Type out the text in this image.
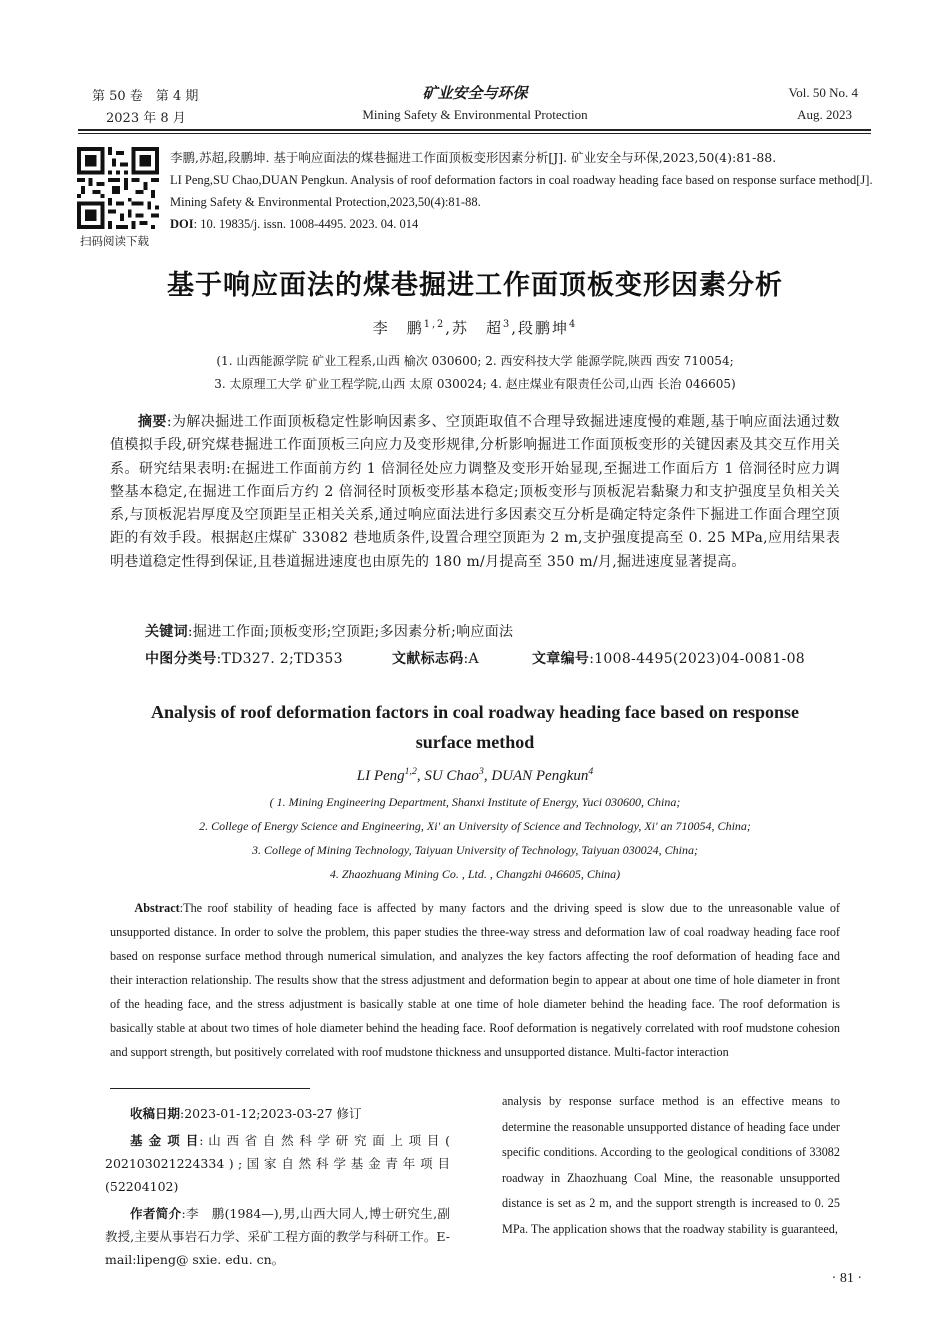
第 50 卷　第 4 期
2023 年 8 月
矿业安全与环保
Mining Safety & Environmental Protection
Vol. 50 No. 4
Aug. 2023
扫码阅读下载
李鹏,苏超,段鹏坤. 基于响应面法的煤巷掘进工作面顶板变形因素分析[J]. 矿业安全与环保,2023,50(4):81-88.
LI Peng,SU Chao,DUAN Pengkun. Analysis of roof deformation factors in coal roadway heading face based on response surface method[J]. Mining Safety & Environmental Protection,2023,50(4):81-88.
DOI: 10. 19835/j. issn. 1008-4495. 2023. 04. 014
基于响应面法的煤巷掘进工作面顶板变形因素分析
李　鹏$^{1,2}$,苏　超$^3$,段鹏坤$^4$
(1. 山西能源学院 矿业工程系,山西 榆次 030600; 2. 西安科技大学 能源学院,陕西 西安 710054;
3. 太原理工大学 矿业工程学院,山西 太原 030024; 4. 赵庄煤业有限责任公司,山西 长治 046605)
摘要:为解决掘进工作面顶板稳定性影响因素多、空顶距取值不合理导致掘进速度慢的难题,基于响应面法通过数值模拟手段,研究煤巷掘进工作面顶板三向应力及变形规律,分析影响掘进工作面顶板变形的关键因素及其交互作用关系。研究结果表明:在掘进工作面前方约 1 倍洞径处应力调整及变形开始显现,至掘进工作面后方 1 倍洞径时应力调整基本稳定,在掘进工作面后方约 2 倍洞径时顶板变形基本稳定;顶板变形与顶板泥岩黏聚力和支护强度呈负相关关系,与顶板泥岩厚度及空顶距呈正相关关系,通过响应面法进行多因素交互分析是确定特定条件下掘进工作面合理空顶距的有效手段。根据赵庄煤矿 33082 巷地质条件,设置合理空顶距为 2 m,支护强度提高至 0. 25 MPa,应用结果表明巷道稳定性得到保证,且巷道掘进速度也由原先的 180 m/月提高至 350 m/月,掘进速度显著提高。
关键词:掘进工作面;顶板变形;空顶距;多因素分析;响应面法
中图分类号:TD327. 2;TD353	文献标志码:A	文章编号:1008-4495(2023)04-0081-08
Analysis of roof deformation factors in coal roadway heading face based on response surface method
LI Peng$^{1,2}$, SU Chao$^3$, DUAN Pengkun$^4$
( 1. Mining Engineering Department, Shanxi Institute of Energy, Yuci 030600, China;
2. College of Energy Science and Engineering, Xi' an University of Science and Technology, Xi' an 710054, China;
3. College of Mining Technology, Taiyuan University of Technology, Taiyuan 030024, China;
4. Zhaozhuang Mining Co. , Ltd. , Changzhi 046605, China)
Abstract:The roof stability of heading face is affected by many factors and the driving speed is slow due to the unreasonable value of unsupported distance. In order to solve the problem, this paper studies the three-way stress and deformation law of coal roadway heading face roof based on response surface method through numerical simulation, and analyzes the key factors affecting the roof deformation of heading face and their interaction relationship. The results show that the stress adjustment and deformation begin to appear at about one time of hole diameter in front of the heading face, and the stress adjustment is basically stable at one time of hole diameter behind the heading face. The roof deformation is basically stable at about two times of hole diameter behind the heading face. Roof deformation is negatively correlated with roof mudstone cohesion and support strength, but positively correlated with roof mudstone thickness and unsupported distance. Multi-factor interaction
收稿日期:2023-01-12;2023-03-27 修订
基 金 项 目: 山 西 省 自 然 科 学 研 究 面 上 项 目 ( 202103021224334 ) ; 国 家 自 然 科 学 基 金 青 年 项 目 (52204102)
作者简介:李　鹏(1984—),男,山西大同人,博士研究生,副教授,主要从事岩石力学、采矿工程方面的教学与科研工作。E-mail:lipeng@ sxie. edu. cn。
analysis by response surface method is an effective means to determine the reasonable unsupported distance of heading face under specific conditions. According to the geological conditions of 33082 roadway in Zhaozhuang Coal Mine, the reasonable unsupported distance is set as 2 m, and the support strength is increased to 0. 25 MPa. The application shows that the roadway stability is guaranteed,
· 81 ·
